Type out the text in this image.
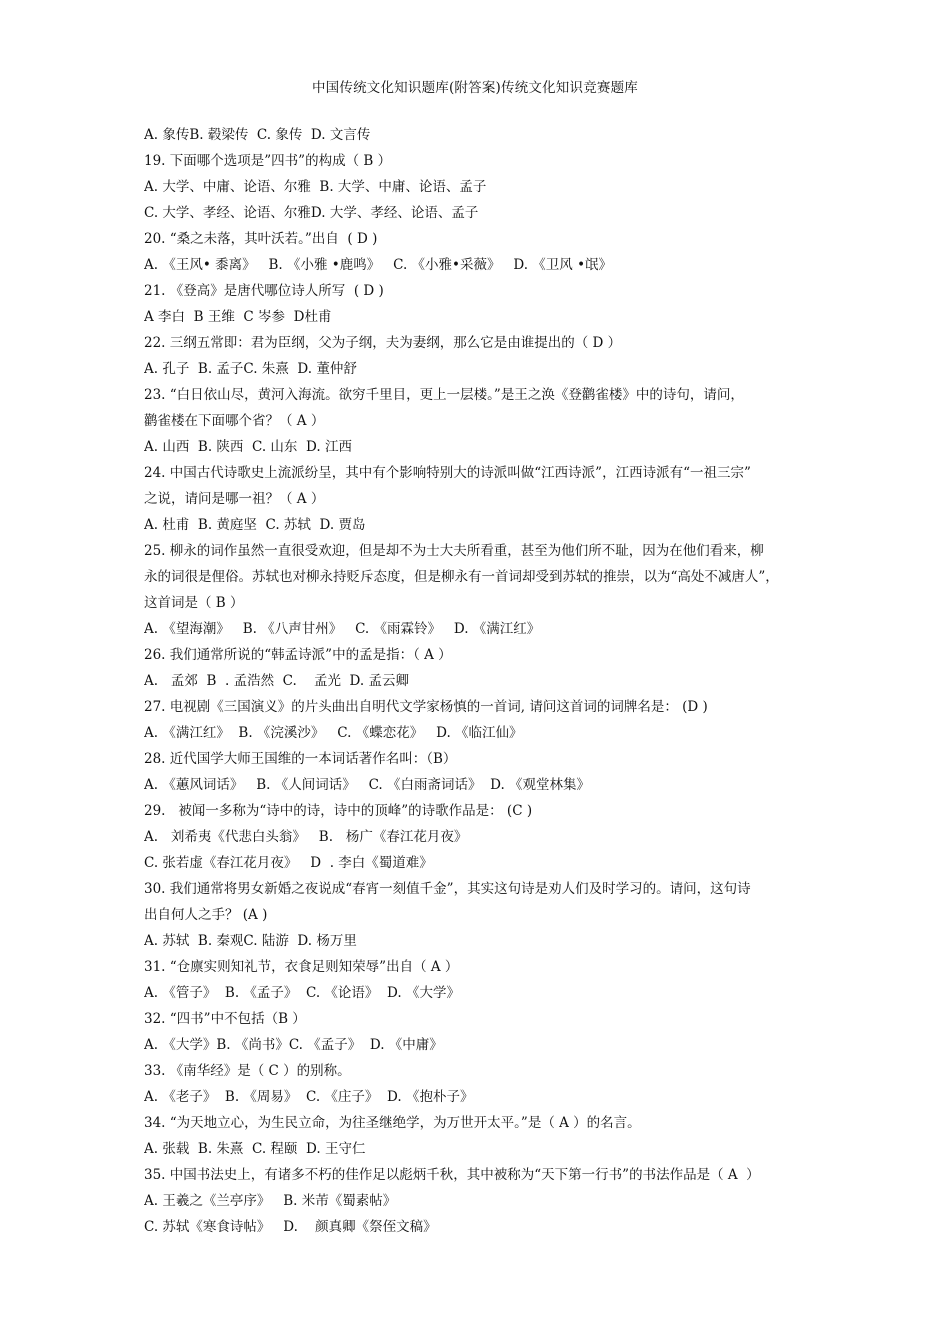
中国传统文化知识题库(附答案)传统文化知识竞赛题库
A. 象传B. 毂梁传  C. 象传  D. 文言传
19. 下面哪个选项是”四书”的构成（ B ）
A. 大学、中庸、论语、尔雅  B. 大学、中庸、论语、孟子
C. 大学、孝经、论语、尔雅D. 大学、孝经、论语、孟子
20. “桑之未落，其叶沃若。”出自  ( D )
A. 《王风• 黍离》   B. 《小雅 •鹿鸣》   C. 《小雅•采薇》   D. 《卫风 •氓》
21. 《登高》是唐代哪位诗人所写  ( D )
A 李白  B 王维  C 岑参  D杜甫
22. 三纲五常即：君为臣纲，父为子纲，夫为妻纲，那么它是由谁提出的（ D ）
A. 孔子  B. 孟子C. 朱熹  D. 董仲舒
23. “白日依山尽，黄河入海流。欲穷千里目，更上一层楼。”是王之涣《登鹳雀楼》中的诗句，请问，
鹳雀楼在下面哪个省？（ A ）
A. 山西  B. 陕西  C. 山东  D. 江西
24. 中国古代诗歌史上流派纷呈，其中有个影响特别大的诗派叫做“江西诗派”，江西诗派有“一祖三宗”
之说，请问是哪一祖？（ A ）
A. 杜甫  B. 黄庭坚  C. 苏轼  D. 贾岛
25. 柳永的词作虽然一直很受欢迎，但是却不为士大夫所看重，甚至为他们所不耻，因为在他们看来，柳
永的词很是俚俗。苏轼也对柳永持贬斥态度，但是柳永有一首词却受到苏轼的推崇，以为“高处不减唐人”，
这首词是（ B ）
A. 《望海潮》   B. 《八声甘州》   C. 《雨霖铃》   D. 《满江红》
26. 我们通常所说的“韩孟诗派”中的孟是指：（ A ）
A.   孟郊  B  . 孟浩然  C.    孟光  D. 孟云卿
27. 电视剧《三国演义》的片头曲出自明代文学家杨慎的一首词, 请问这首词的词牌名是： (D )
A. 《满江红》  B. 《浣溪沙》   C. 《蝶恋花》   D. 《临江仙》
28. 近代国学大师王国维的一本词话著作名叫：（B）
A. 《蕙风词话》   B. 《人间词话》   C. 《白雨斋词话》  D. 《观堂林集》
29.   被闻一多称为“诗中的诗，诗中的顶峰”的诗歌作品是： (C )
A.   刘希夷《代悲白头翁》   B.   杨广《春江花月夜》
C. 张若虚《春江花月夜》   D  . 李白《蜀道难》
30. 我们通常将男女新婚之夜说成“春宵一刻值千金”，其实这句诗是劝人们及时学习的。请问，这句诗
出自何人之手？ (A )
A. 苏轼  B. 秦观C. 陆游  D. 杨万里
31. “仓廪实则知礼节，衣食足则知荣辱”出自（ A ）
A. 《管子》  B. 《孟子》  C. 《论语》  D. 《大学》
32. “四书”中不包括（B ）
A. 《大学》B. 《尚书》C. 《孟子》  D. 《中庸》
33. 《南华经》是（ C ）的别称。
A. 《老子》  B. 《周易》  C. 《庄子》  D. 《抱朴子》
34. “为天地立心，为生民立命，为往圣继绝学，为万世开太平。”是（ A ）的名言。
A. 张载  B. 朱熹  C. 程颐  D. 王守仁
35. 中国书法史上，有诸多不朽的佳作足以彪炳千秋，其中被称为“天下第一行书”的书法作品是（ A  ）
A. 王羲之《兰亭序》   B. 米芾《蜀素帖》
C. 苏轼《寒食诗帖》   D.    颜真卿《祭侄文稿》
